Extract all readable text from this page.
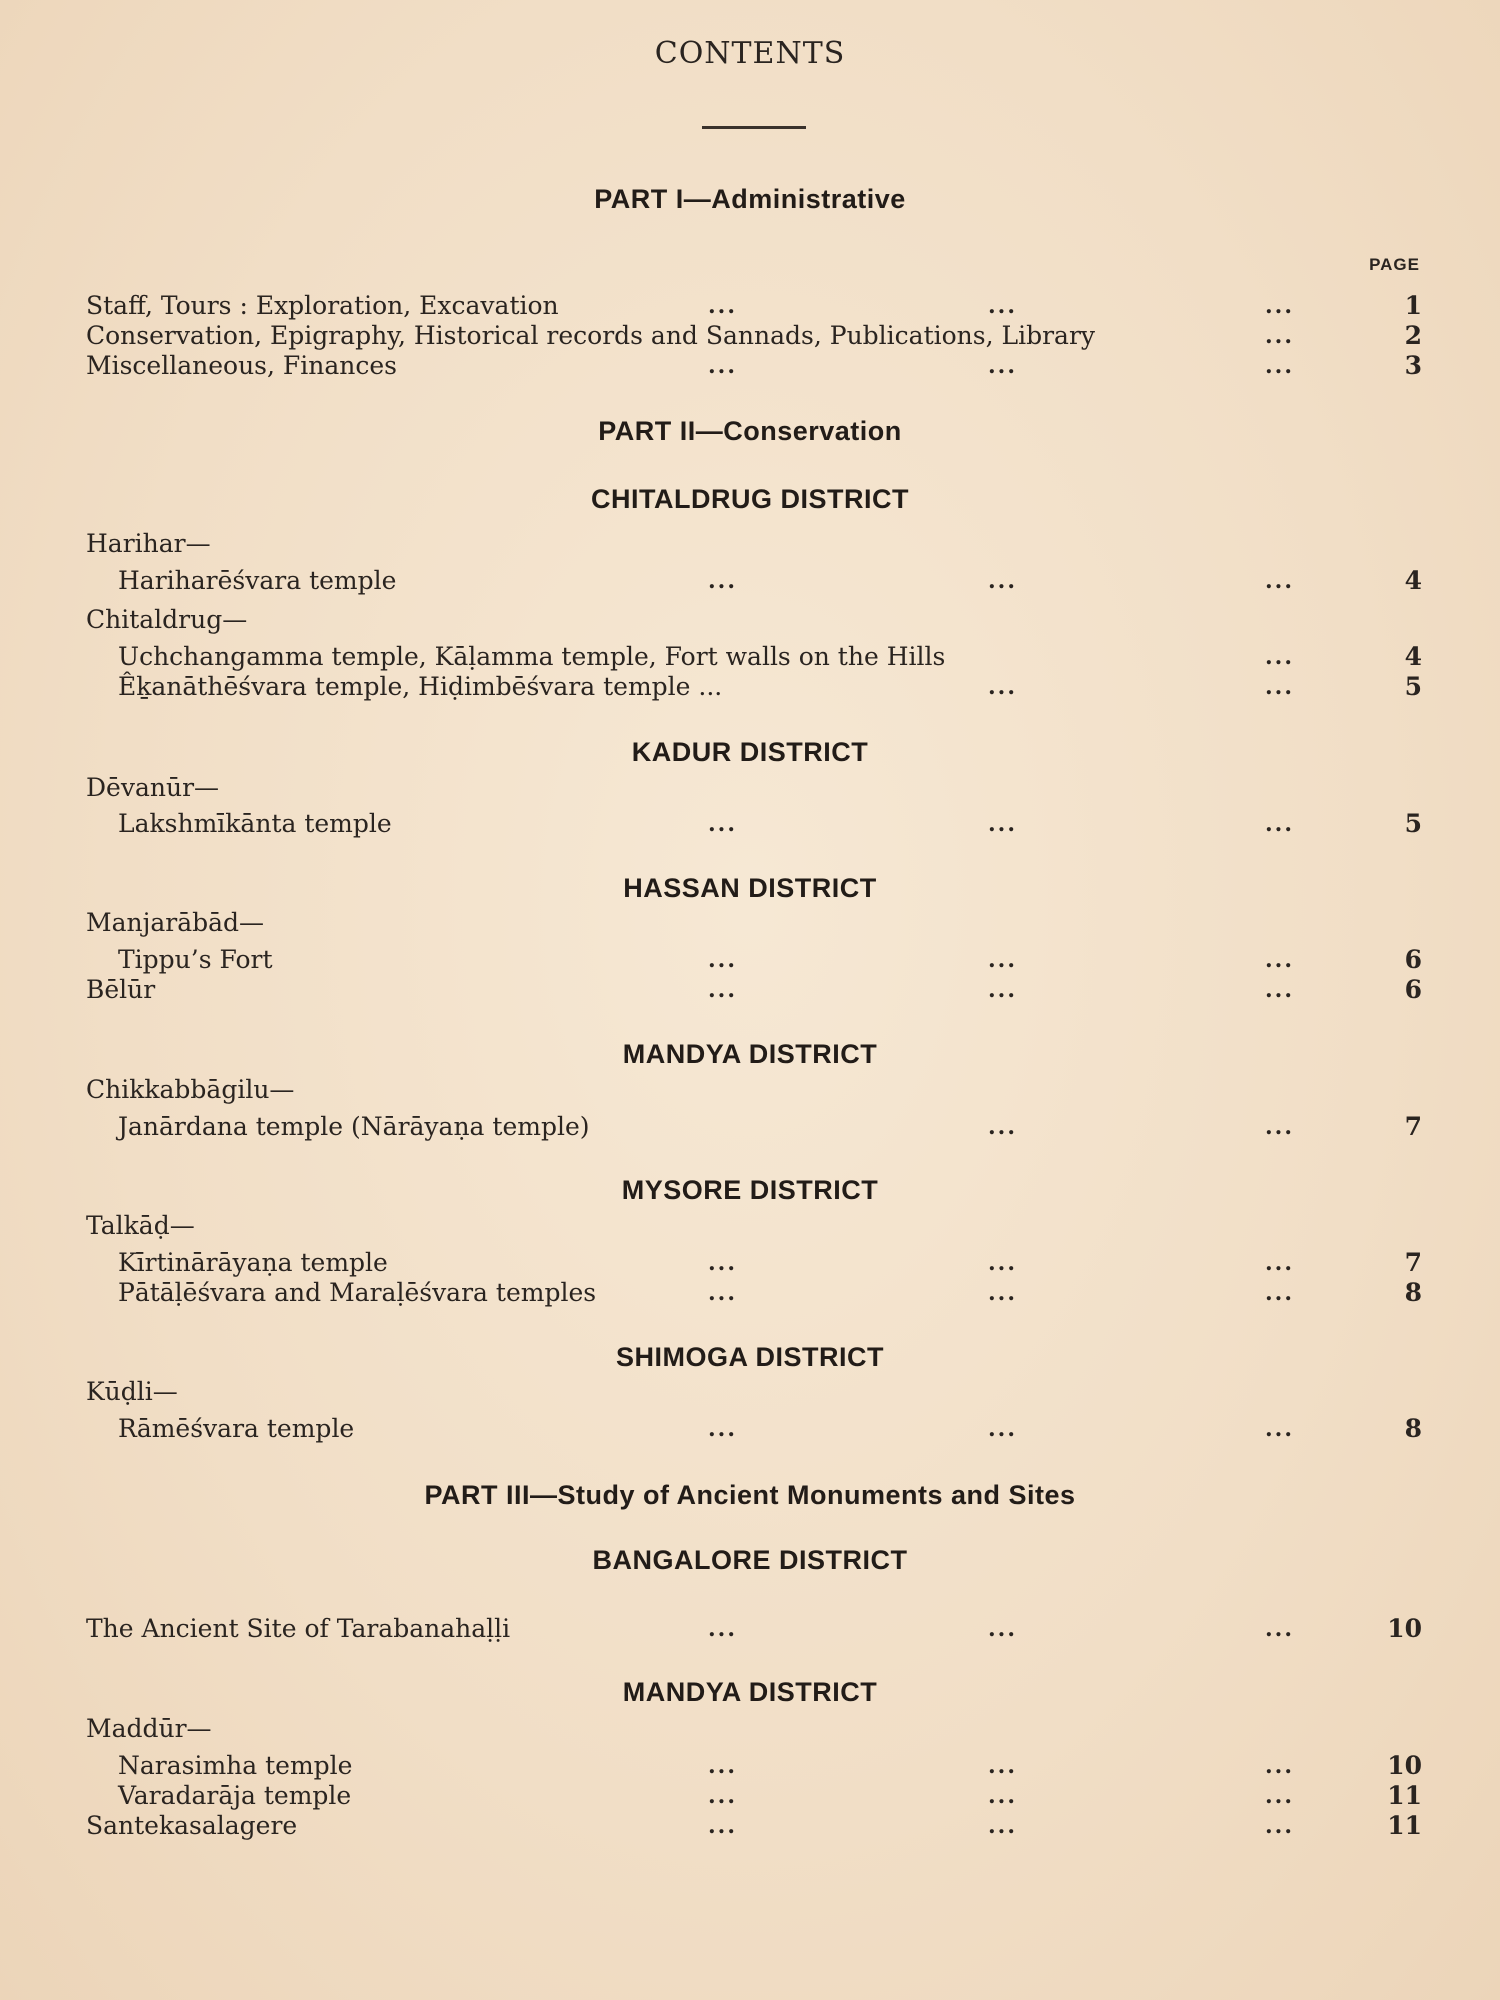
CONTENTS
PART I—Administrative
PAGE
Staff, Tours : Exploration, Excavation	...	...	...	1
Conservation, Epigraphy, Historical records and Sannads, Publications, Library	...	2
Miscellaneous, Finances	...	...	...	3
PART II—Conservation
CHITALDRUG DISTRICT
Harihar—
Hariharēśvara temple	...	...	...	4
Chitaldrug—
Uchchangamma temple, Kāḷamma temple, Fort walls on the Hills	...	4
Êḵanāthēśvara temple, Hiḍimbēśvara temple ...	...	...	5
KADUR DISTRICT
Dēvanūr—
Lakshmīkānta temple	...	...	...	5
HASSAN DISTRICT
Manjarābād—
Tippu’s Fort	...	...	...	6
Bēlūr	...	...	...	6
MANDYA DISTRICT
Chikkabbāgilu—
Janārdana temple (Nārāyaṇa temple)	...	...	7
MYSORE DISTRICT
Talkāḍ—
Kīrtinārāyaṇa temple	...	...	...	7
Pātāḷēśvara and Maraḷēśvara temples	...	...	...	8
SHIMOGA DISTRICT
Kūḍli—
Rāmēśvara temple	...	...	...	8
PART III—Study of Ancient Monuments and Sites
BANGALORE DISTRICT
The Ancient Site of Tarabanahaḷḷi	...	...	...	10
MANDYA DISTRICT
Maddūr—
Narasimha temple	...	...	...	10
Varadarāja temple	...	...	...	11
Santekasalagere	...	...	...	11
